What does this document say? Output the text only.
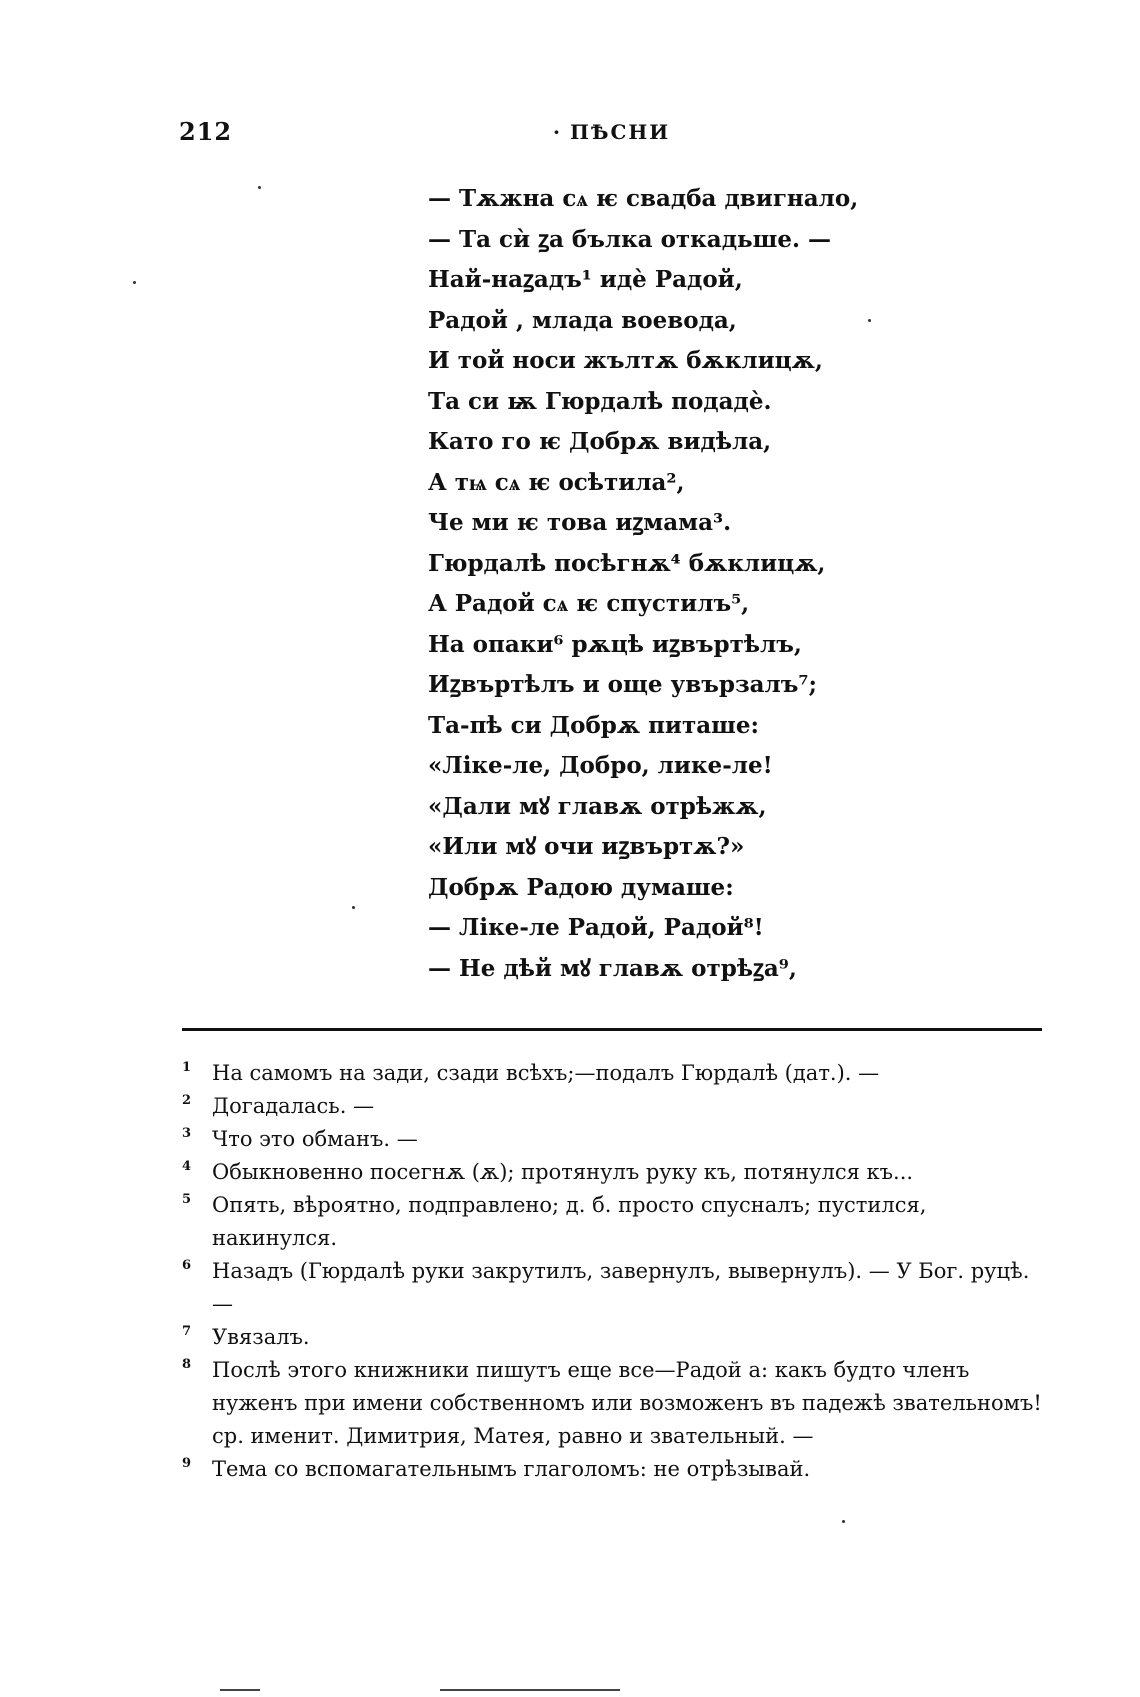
212	· ПѢСНИ
— Тѫжна сѧ ѥ свадба двигнало,
— Та сѝ ꙁа бълка откадьше. —
Най-наꙁадъ¹ идѐ Радой,
Радой , млада воевода,
И той носи жълтѫ бѫклицѫ,
Та си ѭ Гюрдалѣ подадѐ.
Като го ѥ Добрѫ видѣла,
А тѩ сѧ ѥ осѣтила²,
Че ми ѥ това иꙁмама³.
Гюрдалѣ посѣгнѫ⁴ бѫклицѫ,
А Радой сѧ ѥ спустилъ⁵,
На опаки⁶ рѫцѣ иꙁвъртѣлъ,
Иꙁвъртѣлъ и още увързалъ⁷;
Та-пѣ си Добрѫ питаше:
«Ліке-ле, Добро, лике-ле!
«Дали мꙋ главѫ отрѣжѫ,
«Или мꙋ очи иꙁвъртѫ?»
Добрѫ Радою думаше:
— Ліке-ле Радой, Радой⁸!
— Не дѣй мꙋ главѫ отрѣꙁа⁹,
1 На самомъ на зади, сзади всѣхъ;—подалъ Гюрдалѣ (дат.). —
2 Догадалась. —
3 Что это обманъ. —
4 Обыкновенно посегнѫ (ѫ); протянулъ руку къ, потянулся къ...
5 Опять, вѣроятно, подправлено; д. б. просто спусналъ; пустился, накинулся.
6 Назадъ (Гюрдалѣ руки закрутилъ, завернулъ, вывернулъ). — У Бог. руцѣ. —
7 Увязалъ.
8 Послѣ этого книжники пишутъ еще все—Радой а: какъ будто членъ нуженъ при имени собственномъ или возможенъ въ падежѣ звательномъ! ср. именит. Димитрия, Матея, равно и звательный. —
9 Тема со вспомагательнымъ глаголомъ: не отрѣзывай.
